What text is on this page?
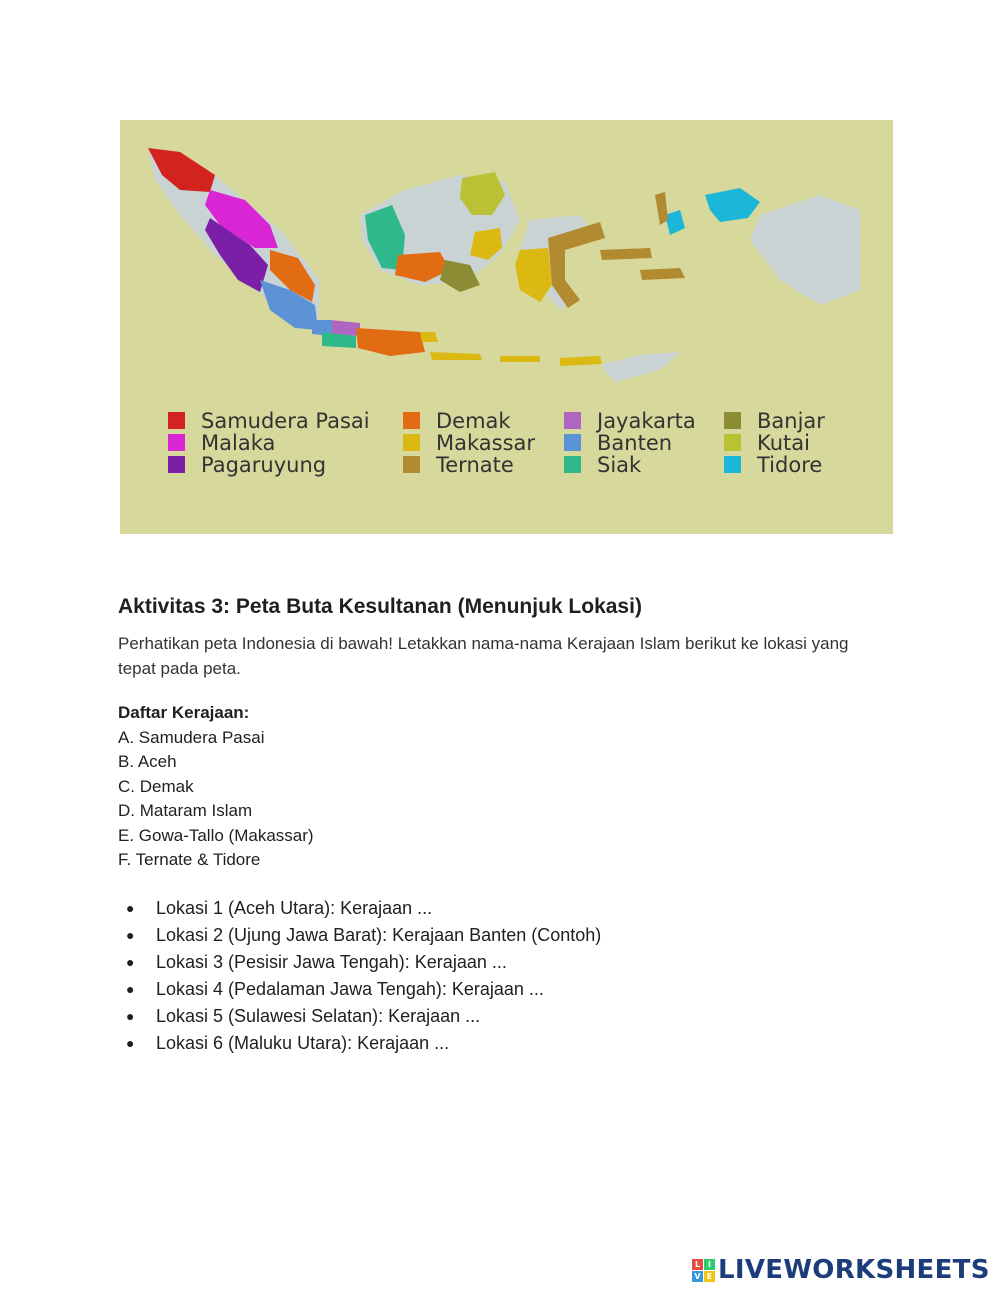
Samudera Pasai
Malaka
Pagaruyung
Demak
Makassar
Ternate
Jayakarta
Banten
Siak
Banjar
Kutai
Tidore
Aktivitas 3: Peta Buta Kesultanan (Menunjuk Lokasi)

Perhatikan peta Indonesia di bawah! Letakkan nama-nama Kerajaan Islam berikut ke lokasi yang tepat pada peta.

Daftar Kerajaan:
A. Samudera Pasai
B. Aceh
C. Demak
D. Mataram Islam
E. Gowa-Tallo (Makassar)
F. Ternate & Tidore
●	Lokasi 1 (Aceh Utara): Kerajaan ...
●	Lokasi 2 (Ujung Jawa Barat): Kerajaan Banten (Contoh)
●	Lokasi 3 (Pesisir Jawa Tengah): Kerajaan ...
●	Lokasi 4 (Pedalaman Jawa Tengah): Kerajaan ...
●	Lokasi 5 (Sulawesi Selatan): Kerajaan ...
●	Lokasi 6 (Maluku Utara): Kerajaan ...
L I
V E LIVEWORKSHEETS
